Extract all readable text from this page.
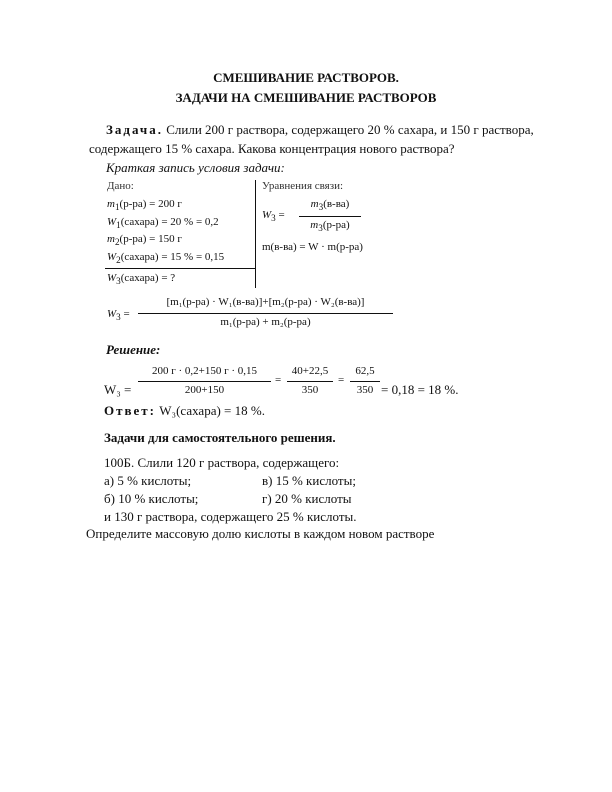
СМЕШИВАНИЕ РАСТВОРОВ.
ЗАДАЧИ НА СМЕШИВАНИЕ РАСТВОРОВ
Задача. Слили 200 г раствора, содержащего 20 % сахара, и 150 г раствора,
содержащего 15 % сахара. Какова концентрация нового раствора?
Краткая запись условия задачи:
Дано:
$m_1(р-ра) = 200$ г
$W_1(сахара) = 20$ % = 0,2
$m_2(р-ра) = 150$ г
$W_2(сахара) = 15$ % = 0,15
$W_3(сахара)$ = ?
Уравнения связи:
$W_3$ =
$m_3(в-ва)$
$m_3(р-ра)$
m(в-ва) = W · m(р-ра)
$W_3$ =
[m₁(р-ра) · W₁(в-ва)]+[m₂(р-ра) · W₂(в-ва)]
m₁(р-ра) + m₂(р-ра)
Решение:
W₃ =
200 г · 0,2+150 г · 0,15
200+150
=
40+22,5
350
=
62,5
350 = 0,18 = 18 %.
Ответ: W₃(сахара) = 18 %.
Задачи для самостоятельного решения.
100Б. Слили 120 г раствора, содержащего:
а) 5 % кислоты;	в) 15 % кислоты;
б) 10 % кислоты;	г) 20 % кислоты
и 130 г раствора, содержащего 25 % кислоты.
Определите массовую долю кислоты в каждом новом растворе
